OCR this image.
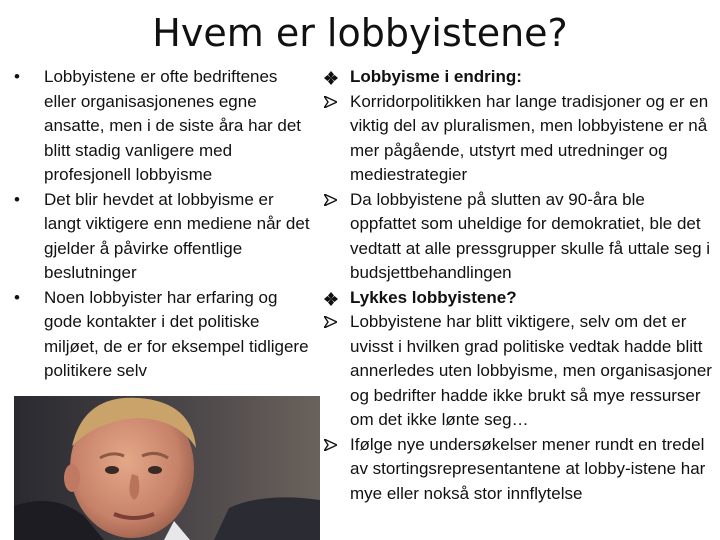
Hvem er lobbyistene?
•	Lobbyistene er ofte bedriftenes eller organisasjonenes egne ansatte, men i de siste åra har det blitt stadig vanligere med profesjonell lobbyisme
•	Det blir hevdet at lobbyisme er langt viktigere enn mediene når det gjelder å påvirke offentlige beslutninger
•	Noen lobbyister har erfaring og gode kontakter i det politiske miljøet, de er for eksempel tidligere politikere selv
Lobbyisme i endring:
Korridorpolitikken har lange tradisjoner og er en viktig del av pluralismen, men lobbyistene er nå mer pågående, utstyrt med utredninger og mediestrategier
Da lobbyistene på slutten av 90-åra ble oppfattet som uheldige for demokratiet, ble det vedtatt at alle pressgrupper skulle få uttale seg i budsjettbehandlingen
Lykkes lobbyistene?
Lobbyistene har blitt viktigere, selv om det er uvisst i hvilken grad politiske vedtak hadde blitt annerledes uten lobbyisme, men organisasjoner og bedrifter hadde ikke brukt så mye ressurser om det ikke lønte seg…
Ifølge nye undersøkelser mener rundt en tredel av stortingsrepresentantene at lobby-istene har mye eller nokså stor innflytelse
